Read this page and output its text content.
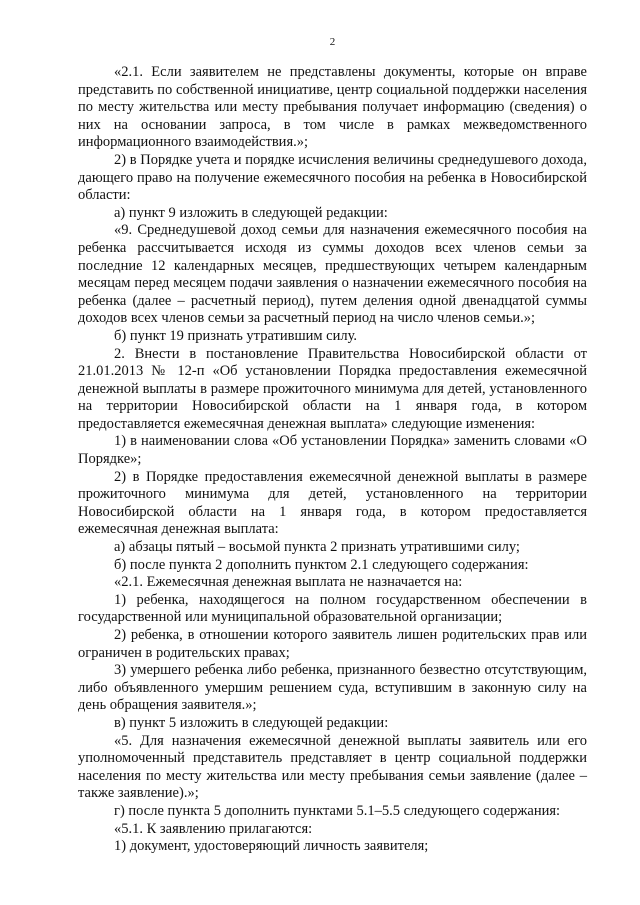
2

«2.1. Если заявителем не представлены документы, которые он вправе представить по собственной инициативе, центр социальной поддержки населения по месту жительства или месту пребывания получает информацию (сведения) о них на основании запроса, в том числе в рамках межведомственного информационного взаимодействия.»;

2) в Порядке учета и порядке исчисления величины среднедушевого дохода, дающего право на получение ежемесячного пособия на ребенка в Новосибирской области:

а) пункт 9 изложить в следующей редакции:

«9. Среднедушевой доход семьи для назначения ежемесячного пособия на ребенка рассчитывается исходя из суммы доходов всех членов семьи за последние 12 календарных месяцев, предшествующих четырем календарным месяцам перед месяцем подачи заявления о назначении ежемесячного пособия на ребенка (далее – расчетный период), путем деления одной двенадцатой суммы доходов всех членов семьи за расчетный период на число членов семьи.»;

б) пункт 19 признать утратившим силу.

2. Внести в постановление Правительства Новосибирской области от 21.01.2013 № 12-п «Об установлении Порядка предоставления ежемесячной денежной выплаты в размере прожиточного минимума для детей, установленного на территории Новосибирской области на 1 января года, в котором предоставляется ежемесячная денежная выплата» следующие изменения:

1) в наименовании слова «Об установлении Порядка» заменить словами «О Порядке»;

2) в Порядке предоставления ежемесячной денежной выплаты в размере прожиточного минимума для детей, установленного на территории Новосибирской области на 1 января года, в котором предоставляется ежемесячная денежная выплата:

а) абзацы пятый – восьмой пункта 2 признать утратившими силу;

б) после пункта 2 дополнить пунктом 2.1 следующего содержания:

«2.1. Ежемесячная денежная выплата не назначается на:

1) ребенка, находящегося на полном государственном обеспечении в государственной или муниципальной образовательной организации;

2) ребенка, в отношении которого заявитель лишен родительских прав или ограничен в родительских правах;

3) умершего ребенка либо ребенка, признанного безвестно отсутствующим, либо объявленного умершим решением суда, вступившим в законную силу на день обращения заявителя.»;

в) пункт 5 изложить в следующей редакции:

«5. Для назначения ежемесячной денежной выплаты заявитель или его уполномоченный представитель представляет в центр социальной поддержки населения по месту жительства или месту пребывания семьи заявление (далее – также заявление).»;

г) после пункта 5 дополнить пунктами 5.1–5.5 следующего содержания:

«5.1. К заявлению прилагаются:

1) документ, удостоверяющий личность заявителя;
